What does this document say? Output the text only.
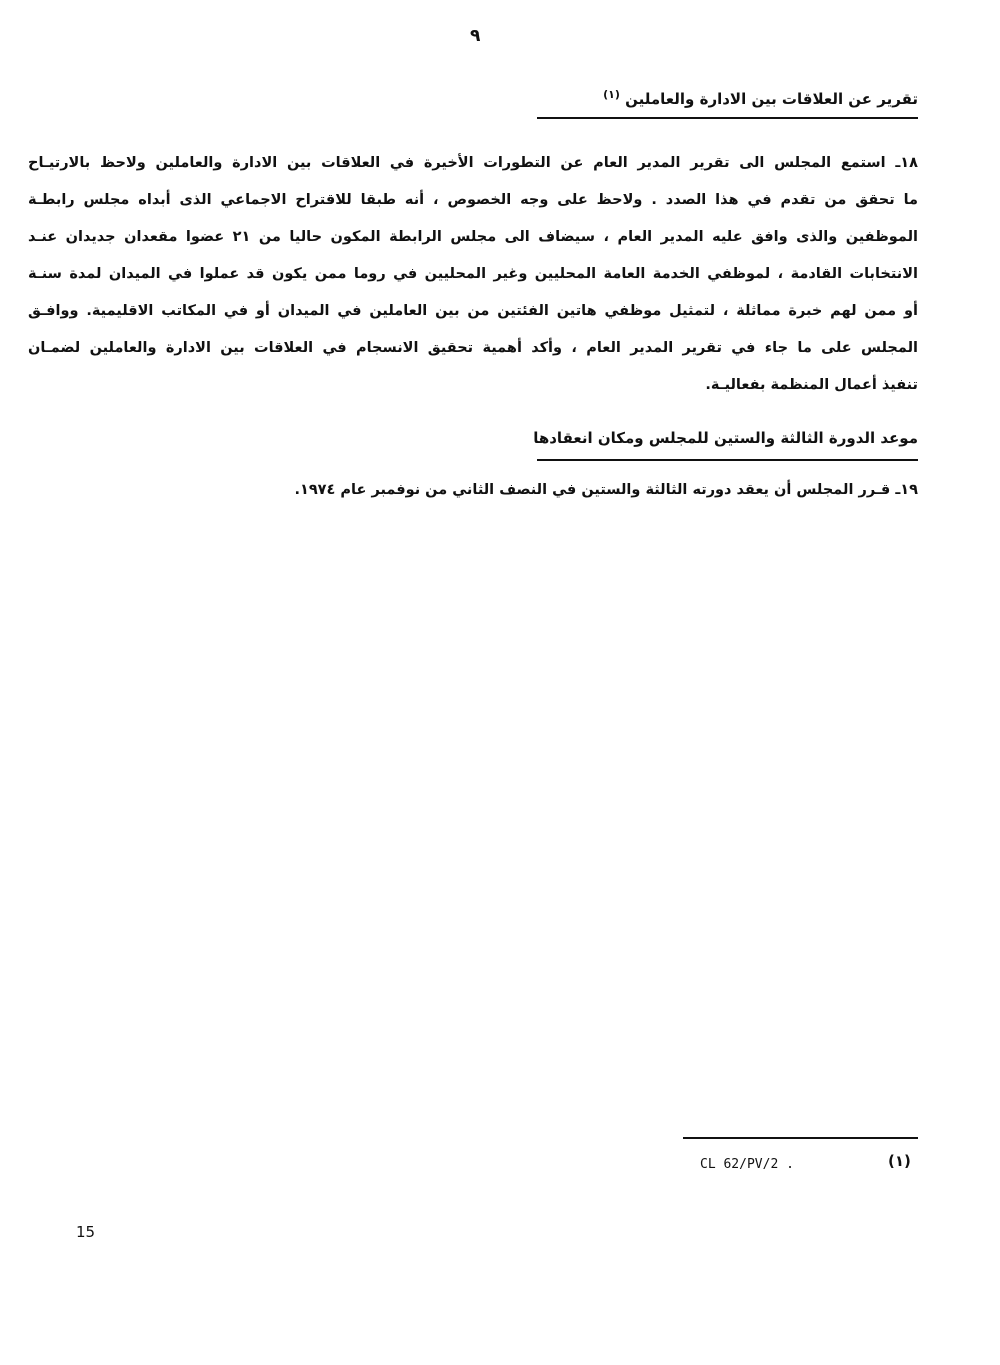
٩
تقرير عن العلاقات بين الادارة والعاملين $^{(١)}$
١٨ـ استمع المجلس الى تقرير المدير العام عن التطورات الأخيرة في العلاقات بين الادارة والعاملين ولاحظ بالارتيـاح
ما تحقق من تقدم في هذا الصدد . ولاحظ على وجه الخصوص ، أنه طبقا للاقتراح الاجماعي الذى أبداه مجلس رابطـة
الموظفين والذى وافق عليه المدير العام ، سيضاف الى مجلس الرابطة المكون حاليا من ٢١ عضوا مقعدان جديدان عنـد
الانتخابات القادمة ، لموظفي الخدمة العامة المحليين وغير المحليين في روما ممن يكون قد عملوا في الميدان لمدة سنـة
أو ممن لهم خبرة مماثلة ، لتمثيل موظفي هاتين الفئتين من بين العاملين في الميدان أو في المكاتب الاقليمية. ووافـق
المجلس على ما جاء في تقرير المدير العام ، وأكد أهمية تحقيق الانسجام في العلاقات بين الادارة والعاملين لضمـان
تنفيذ أعمال المنظمة بفعاليـة.
موعد الدورة الثالثة والستين للمجلس ومكان انعقادها
١٩ـ قـرر المجلس أن يعقد دورته الثالثة والستين في النصف الثاني من نوفمبر عام ١٩٧٤.
(١)
CL 62/PV/2 .
15
